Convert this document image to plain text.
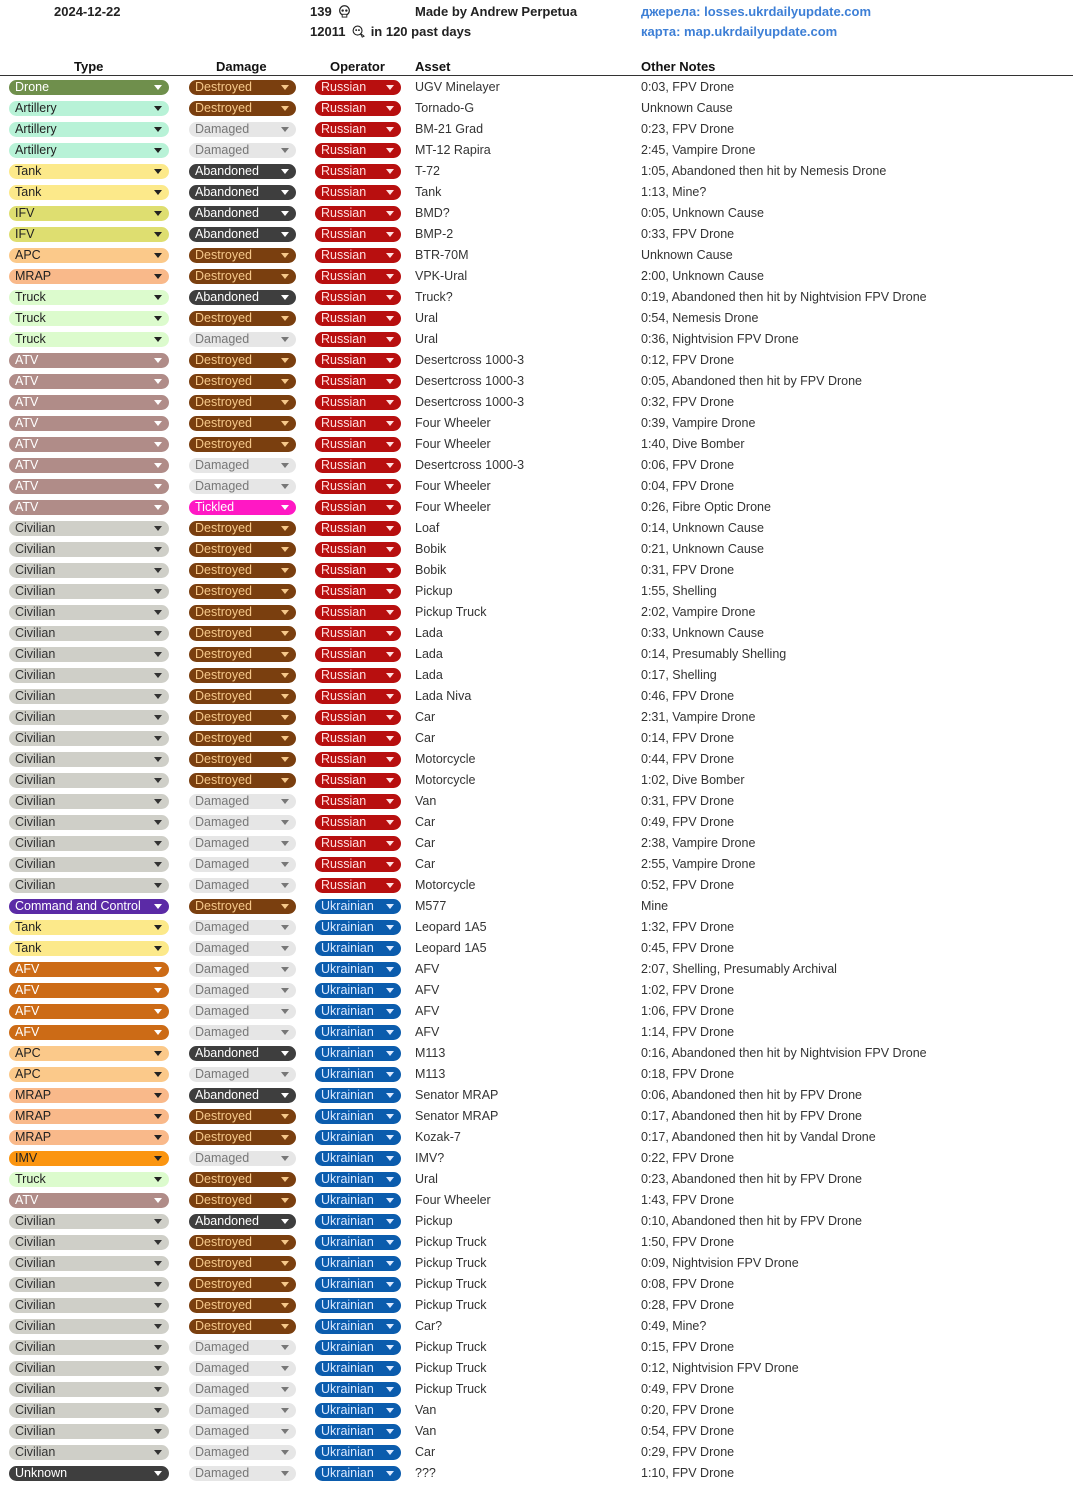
2024-12-22	139
12011 in 120 past days
Made by Andrew Perpetua	джерела: losses.ukrdailyupdate.com
карта: map.ukrdailyupdate.com
Type	Damage	Operator Asset	Other Notes
Drone	Destroyed	Russian	UGV Minelayer	0:03, FPV Drone
Artillery	Destroyed	Russian	Tornado-G	Unknown Cause
Artillery	Damaged	Russian	BM-21 Grad	0:23, FPV Drone
Artillery	Damaged	Russian	MT-12 Rapira	2:45, Vampire Drone
Tank	Abandoned	Russian	T-72	1:05, Abandoned then hit by Nemesis Drone
Tank	Abandoned	Russian	Tank	1:13, Mine?
IFV	Abandoned	Russian	BMD?	0:05, Unknown Cause
IFV	Abandoned	Russian	BMP-2	0:33, FPV Drone
APC	Destroyed	Russian	BTR-70M	Unknown Cause
MRAP	Destroyed	Russian	VPK-Ural	2:00, Unknown Cause
Truck	Abandoned	Russian	Truck?	0:19, Abandoned then hit by Nightvision FPV Drone
Truck	Destroyed	Russian	Ural	0:54, Nemesis Drone
Truck	Damaged	Russian	Ural	0:36, Nightvision FPV Drone
ATV	Destroyed	Russian	Desertcross 1000-3	0:12, FPV Drone
ATV	Destroyed	Russian	Desertcross 1000-3	0:05, Abandoned then hit by FPV Drone
ATV	Destroyed	Russian	Desertcross 1000-3	0:32, FPV Drone
ATV	Destroyed	Russian	Four Wheeler	0:39, Vampire Drone
ATV	Destroyed	Russian	Four Wheeler	1:40, Dive Bomber
ATV	Damaged	Russian	Desertcross 1000-3	0:06, FPV Drone
ATV	Damaged	Russian	Four Wheeler	0:04, FPV Drone
ATV	Tickled	Russian	Four Wheeler	0:26, Fibre Optic Drone
Civilian	Destroyed	Russian	Loaf	0:14, Unknown Cause
Civilian	Destroyed	Russian	Bobik	0:21, Unknown Cause
Civilian	Destroyed	Russian	Bobik	0:31, FPV Drone
Civilian	Destroyed	Russian	Pickup	1:55, Shelling
Civilian	Destroyed	Russian	Pickup Truck	2:02, Vampire Drone
Civilian	Destroyed	Russian	Lada	0:33, Unknown Cause
Civilian	Destroyed	Russian	Lada	0:14, Presumably Shelling
Civilian	Destroyed	Russian	Lada	0:17, Shelling
Civilian	Destroyed	Russian	Lada Niva	0:46, FPV Drone
Civilian	Destroyed	Russian	Car	2:31, Vampire Drone
Civilian	Destroyed	Russian	Car	0:14, FPV Drone
Civilian	Destroyed	Russian	Motorcycle	0:44, FPV Drone
Civilian	Destroyed	Russian	Motorcycle	1:02, Dive Bomber
Civilian	Damaged	Russian	Van	0:31, FPV Drone
Civilian	Damaged	Russian	Car	0:49, FPV Drone
Civilian	Damaged	Russian	Car	2:38, Vampire Drone
Civilian	Damaged	Russian	Car	2:55, Vampire Drone
Civilian	Damaged	Russian	Motorcycle	0:52, FPV Drone
Command and Control	Destroyed	Ukrainian	M577	Mine
Tank	Damaged	Ukrainian	Leopard 1A5	1:32, FPV Drone
Tank	Damaged	Ukrainian	Leopard 1A5	0:45, FPV Drone
AFV	Damaged	Ukrainian	AFV	2:07, Shelling, Presumably Archival
AFV	Damaged	Ukrainian	AFV	1:02, FPV Drone
AFV	Damaged	Ukrainian	AFV	1:06, FPV Drone
AFV	Damaged	Ukrainian	AFV	1:14, FPV Drone
APC	Abandoned	Ukrainian	M113	0:16, Abandoned then hit by Nightvision FPV Drone
APC	Damaged	Ukrainian	M113	0:18, FPV Drone
MRAP	Abandoned	Ukrainian	Senator MRAP	0:06, Abandoned then hit by FPV Drone
MRAP	Destroyed	Ukrainian	Senator MRAP	0:17, Abandoned then hit by FPV Drone
MRAP	Destroyed	Ukrainian	Kozak-7	0:17, Abandoned then hit by Vandal Drone
IMV	Damaged	Ukrainian	IMV?	0:22, FPV Drone
Truck	Destroyed	Ukrainian	Ural	0:23, Abandoned then hit by FPV Drone
ATV	Destroyed	Ukrainian	Four Wheeler	1:43, FPV Drone
Civilian	Abandoned	Ukrainian	Pickup	0:10, Abandoned then hit by FPV Drone
Civilian	Destroyed	Ukrainian	Pickup Truck	1:50, FPV Drone
Civilian	Destroyed	Ukrainian	Pickup Truck	0:09, Nightvision FPV Drone
Civilian	Destroyed	Ukrainian	Pickup Truck	0:08, FPV Drone
Civilian	Destroyed	Ukrainian	Pickup Truck	0:28, FPV Drone
Civilian	Destroyed	Ukrainian	Car?	0:49, Mine?
Civilian	Damaged	Ukrainian	Pickup Truck	0:15, FPV Drone
Civilian	Damaged	Ukrainian	Pickup Truck	0:12, Nightvision FPV Drone
Civilian	Damaged	Ukrainian	Pickup Truck	0:49, FPV Drone
Civilian	Damaged	Ukrainian	Van	0:20, FPV Drone
Civilian	Damaged	Ukrainian	Van	0:54, FPV Drone
Civilian	Damaged	Ukrainian	Car	0:29, FPV Drone
Unknown	Damaged	Ukrainian	???	1:10, FPV Drone
